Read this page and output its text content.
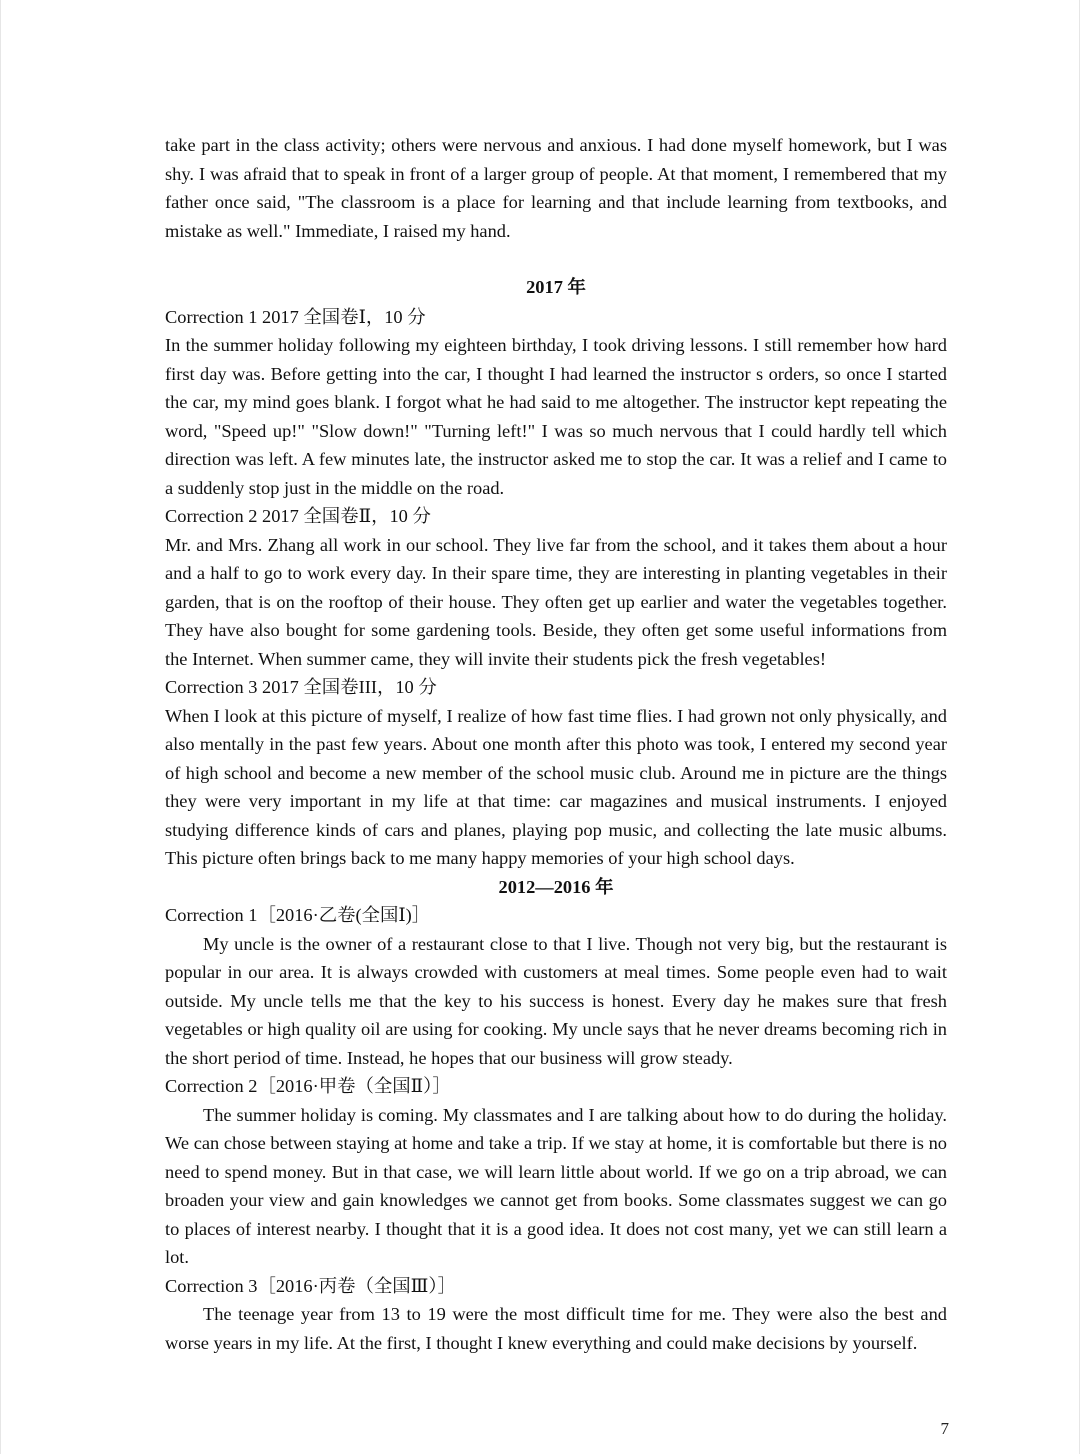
take part in the class activity; others were nervous and anxious. I had done myself homework, but I was shy. I was afraid that to speak in front of a larger group of people. At that moment, I remembered that my father once said, "The classroom is a place for learning and that include learning from textbooks, and mistake as well." Immediate, I raised my hand.

2017 年

Correction 1 2017 全国卷Ⅰ，10 分

In the summer holiday following my eighteen birthday, I took driving lessons. I still remember how hard first day was. Before getting into the car, I thought I had learned the instructor s orders, so once I started the car, my mind goes blank. I forgot what he had said to me altogether. The instructor kept repeating the word, "Speed up!" "Slow down!" "Turning left!" I was so much nervous that I could hardly tell which direction was left. A few minutes late, the instructor asked me to stop the car. It was a relief and I came to a suddenly stop just in the middle on the road.

Correction 2 2017 全国卷Ⅱ，10 分

Mr. and Mrs. Zhang all work in our school. They live far from the school, and it takes them about a hour and a half to go to work every day. In their spare time, they are interesting in planting vegetables in their garden, that is on the rooftop of their house. They often get up earlier and water the vegetables together. They have also bought for some gardening tools. Beside, they often get some useful informations from the Internet. When summer came, they will invite their students pick the fresh vegetables!

Correction 3 2017 全国卷III，10 分

When I look at this picture of myself, I realize of how fast time flies. I had grown not only physically, and also mentally in the past few years. About one month after this photo was took, I entered my second year of high school and become a new member of the school music club. Around me in picture are the things they were very important in my life at that time: car magazines and musical instruments. I enjoyed studying difference kinds of cars and planes, playing pop music, and collecting the late music albums. This picture often brings back to me many happy memories of your high school days.

2012—2016 年

Correction 1［2016·乙卷(全国Ⅰ)］

My uncle is the owner of a restaurant close to that I live. Though not very big, but the restaurant is popular in our area. It is always crowded with customers at meal times. Some people even had to wait outside. My uncle tells me that the key to his success is honest. Every day he makes sure that fresh vegetables or high quality oil are using for cooking. My uncle says that he never dreams becoming rich in the short period of time. Instead, he hopes that our business will grow steady.

Correction 2［2016·甲卷（全国Ⅱ）］

The summer holiday is coming. My classmates and I are talking about how to do during the holiday. We can chose between staying at home and take a trip. If we stay at home, it is comfortable but there is no need to spend money. But in that case, we will learn little about world. If we go on a trip abroad, we can broaden your view and gain knowledges we cannot get from books. Some classmates suggest we can go to places of interest nearby. I thought that it is a good idea. It does not cost many, yet we can still learn a lot.

Correction 3［2016·丙卷（全国Ⅲ）］

The teenage year from 13 to 19 were the most difficult time for me. They were also the best and worse years in my life. At the first, I thought I knew everything and could make decisions by yourself.

7
